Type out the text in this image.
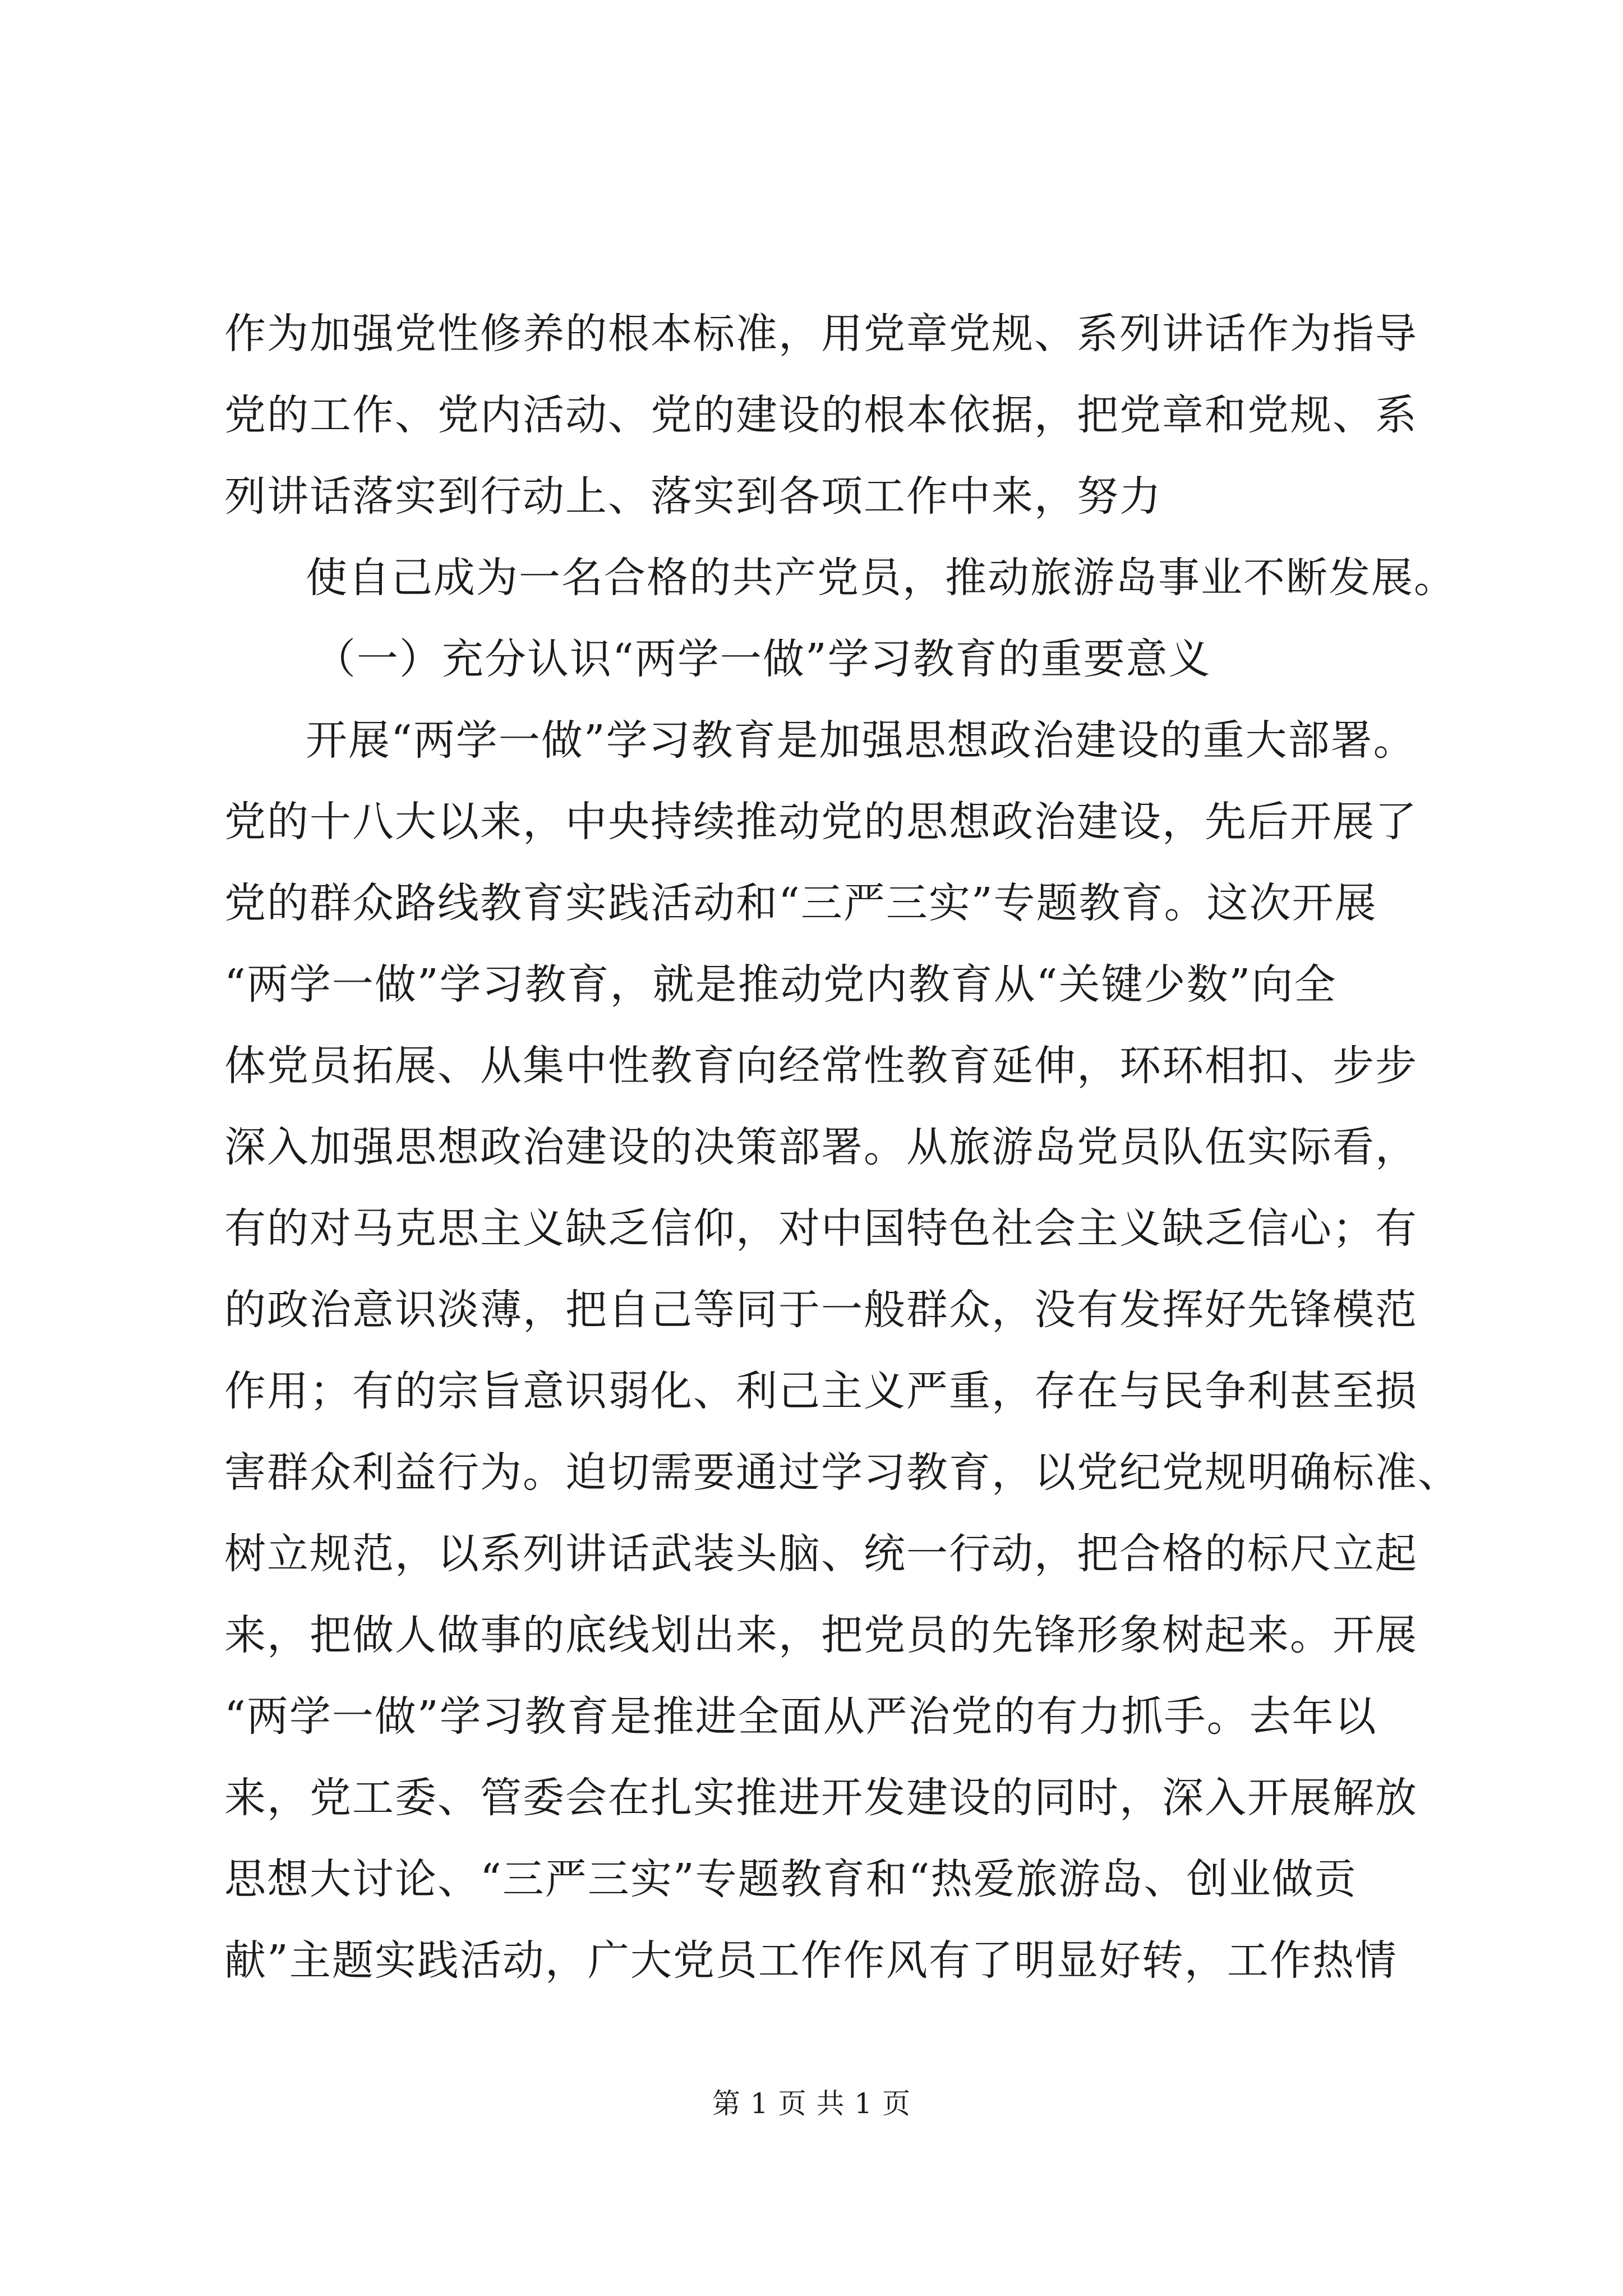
作为加强党性修养的根本标准，用党章党规、系列讲话作为指导
党的工作、党内活动、党的建设的根本依据，把党章和党规、系
列讲话落实到行动上、落实到各项工作中来，努力
使自己成为一名合格的共产党员，推动旅游岛事业不断发展。
（一）充分认识“两学一做”学习教育的重要意义
开展“两学一做”学习教育是加强思想政治建设的重大部署。
党的十八大以来，中央持续推动党的思想政治建设，先后开展了
党的群众路线教育实践活动和“三严三实”专题教育。这次开展
“两学一做”学习教育，就是推动党内教育从“关键少数”向全
体党员拓展、从集中性教育向经常性教育延伸，环环相扣、步步
深入加强思想政治建设的决策部署。从旅游岛党员队伍实际看，
有的对马克思主义缺乏信仰，对中国特色社会主义缺乏信心；有
的政治意识淡薄，把自己等同于一般群众，没有发挥好先锋模范
作用；有的宗旨意识弱化、利己主义严重，存在与民争利甚至损
害群众利益行为。迫切需要通过学习教育，以党纪党规明确标准、
树立规范，以系列讲话武装头脑、统一行动，把合格的标尺立起
来，把做人做事的底线划出来，把党员的先锋形象树起来。开展
“两学一做”学习教育是推进全面从严治党的有力抓手。去年以
来，党工委、管委会在扎实推进开发建设的同时，深入开展解放
思想大讨论、“三严三实”专题教育和“热爱旅游岛、创业做贡
献”主题实践活动，广大党员工作作风有了明显好转，工作热情
第 1 页 共 1 页
